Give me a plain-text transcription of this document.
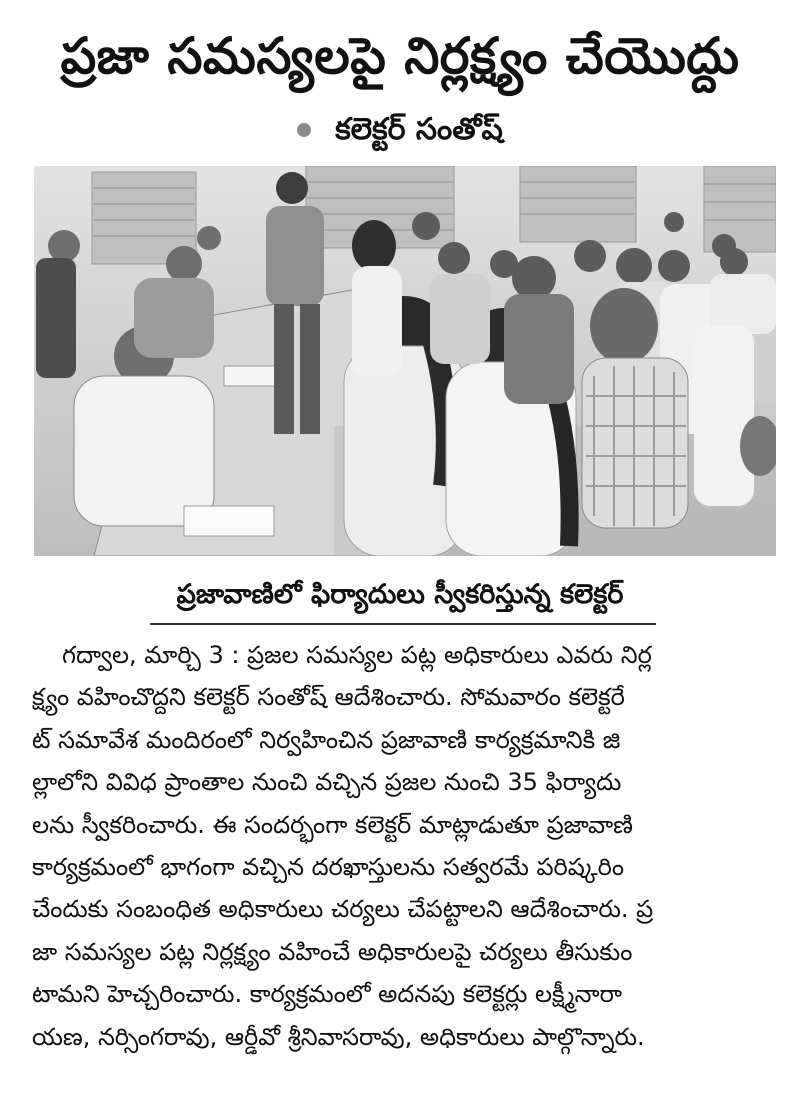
ప్రజా సమస్యలపై నిర్లక్ష్యం చేయొద్దు
కలెక్టర్ సంతోష్
ప్రజావాణిలో ఫిర్యాదులు స్వీకరిస్తున్న కలెక్టర్
గద్వాల, మార్చి 3 : ప్రజల సమస్యల పట్ల అధికారులు ఎవరు నిర్ల
క్ష్యం వహించొద్దని కలెక్టర్ సంతోష్ ఆదేశించారు. సోమవారం కలెక్టరే
ట్ సమావేశ మందిరంలో నిర్వహించిన ప్రజావాణి కార్యక్రమానికి జి
ల్లాలోని వివిధ ప్రాంతాల నుంచి వచ్చిన ప్రజల నుంచి 35 ఫిర్యాదు
లను స్వీకరించారు. ఈ సందర్భంగా కలెక్టర్ మాట్లాడుతూ ప్రజావాణి
కార్యక్రమంలో భాగంగా వచ్చిన దరఖాస్తులను సత్వరమే పరిష్కరిం
చేందుకు సంబంధిత అధికారులు చర్యలు చేపట్టాలని ఆదేశించారు. ప్ర
జా సమస్యల పట్ల నిర్లక్ష్యం వహించే అధికారులపై చర్యలు తీసుకుం
టామని హెచ్చరించారు. కార్యక్రమంలో అదనపు కలెక్టర్లు లక్ష్మీనారా
యణ, నర్సింగరావు, ఆర్డీవో శ్రీనివాసరావు, అధికారులు పాల్గొన్నారు.
